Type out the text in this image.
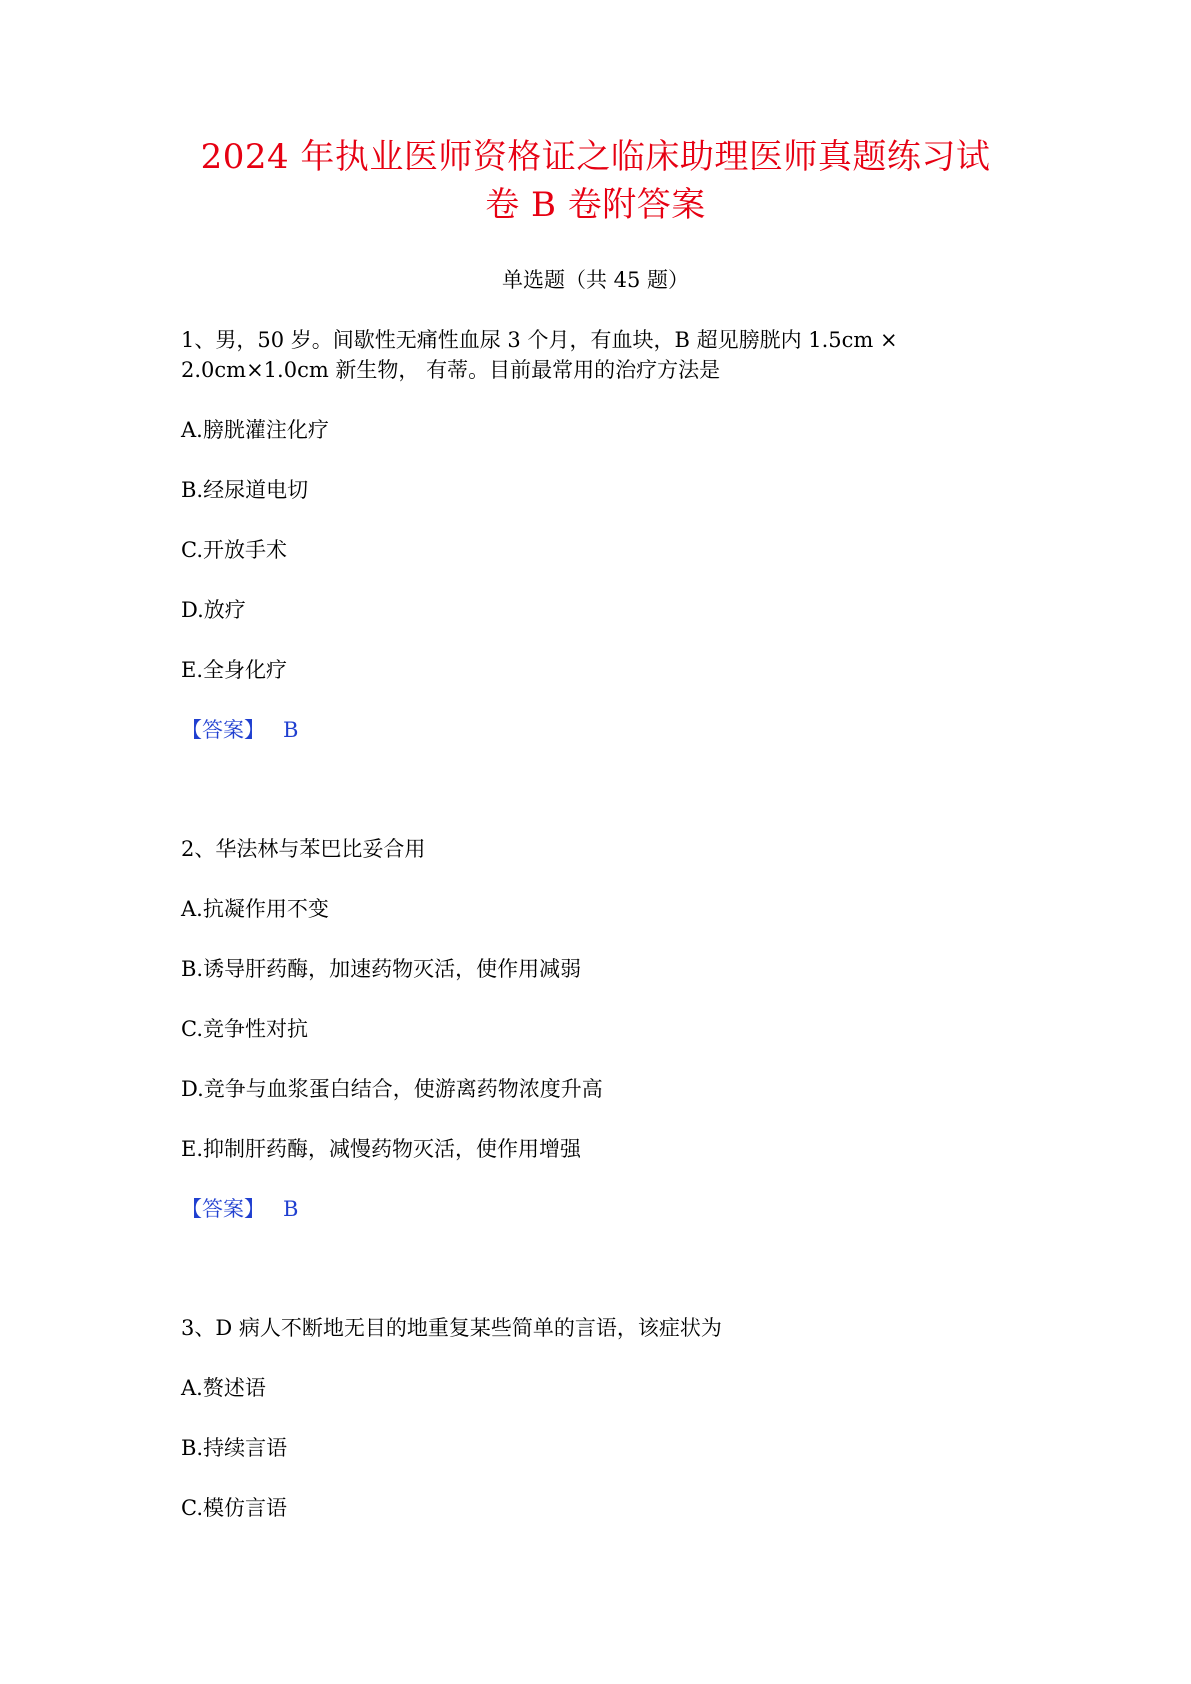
2024 年执业医师资格证之临床助理医师真题练习试
卷 B 卷附答案
单选题（共 45 题）
1、男，50 岁。间歇性无痛性血尿 3 个月，有血块，B 超见膀胱内 1.5cm ×
2.0cm×1.0cm 新生物， 有蒂。目前最常用的治疗方法是
A.膀胱灌注化疗
B.经尿道电切
C.开放手术
D.放疗
E.全身化疗
【答案】 B
2、华法林与苯巴比妥合用
A.抗凝作用不变
B.诱导肝药酶，加速药物灭活，使作用减弱
C.竞争性对抗
D.竞争与血浆蛋白结合，使游离药物浓度升高
E.抑制肝药酶，减慢药物灭活，使作用增强
【答案】 B
3、D 病人不断地无目的地重复某些简单的言语，该症状为
A.赘述语
B.持续言语
C.模仿言语
